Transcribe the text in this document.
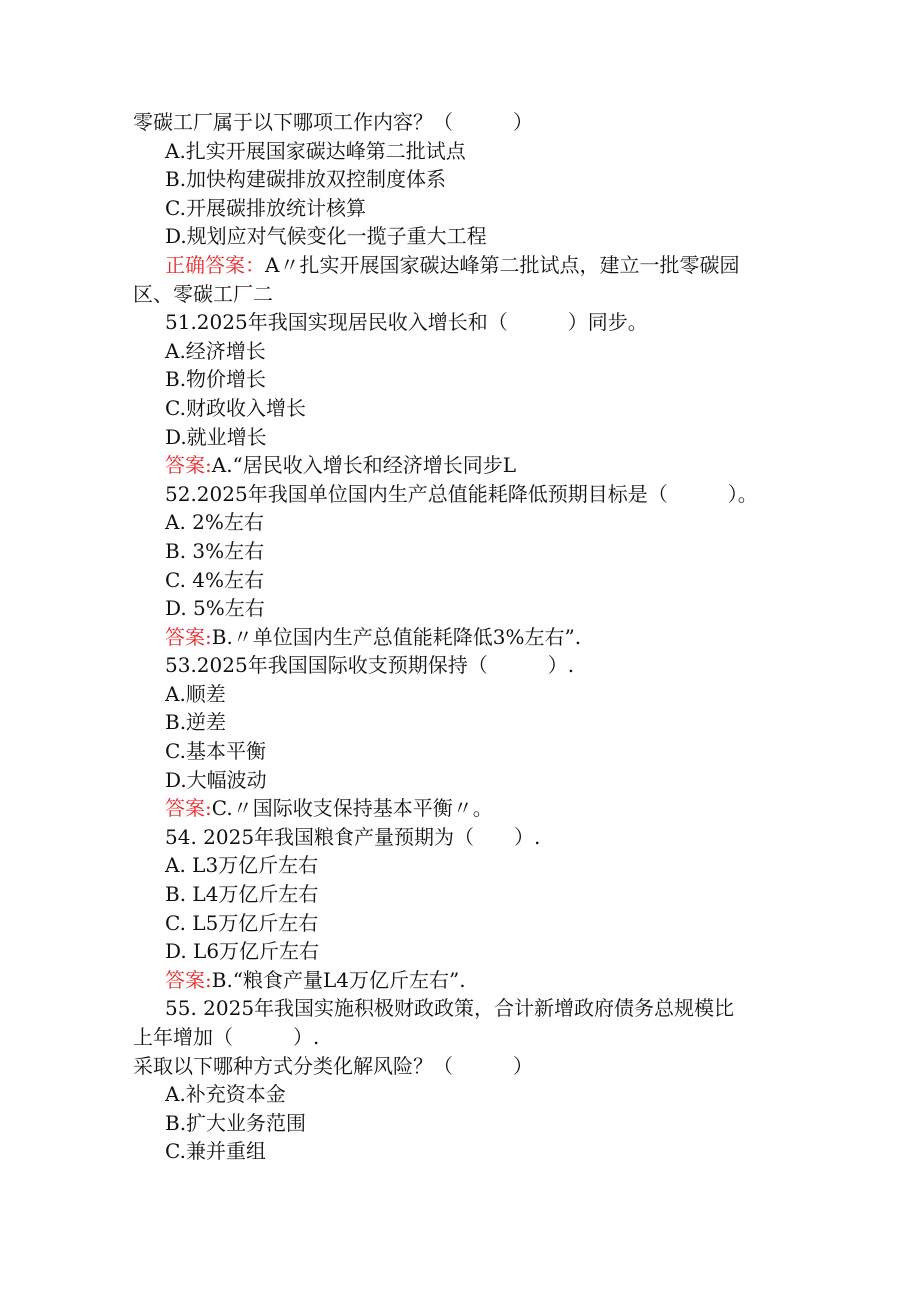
零碳工厂属于以下哪项工作内容？（　　　）
A.扎实开展国家碳达峰第二批试点
B.加快构建碳排放双控制度体系
C.开展碳排放统计核算
D.规划应对气候变化一揽子重大工程
正确答案：A〃扎实开展国家碳达峰第二批试点，建立一批零碳园
区、零碳工厂二
51.2025年我国实现居民收入增长和（　　　）同步。
A.经济增长
B.物价增长
C.财政收入增长
D.就业增长
答案:A.“居民收入增长和经济增长同步L
52.2025年我国单位国内生产总值能耗降低预期目标是（　　　）。
A. 2%左右
B. 3%左右
C. 4%左右
D. 5%左右
答案:B.〃单位国内生产总值能耗降低3%左右”.
53.2025年我国国际收支预期保持（　　　）.
A.顺差
B.逆差
C.基本平衡
D.大幅波动
答案:C.〃国际收支保持基本平衡〃。
54. 2025年我国粮食产量预期为（　　）.
A. L3万亿斤左右
B. L4万亿斤左右
C. L5万亿斤左右
D. L6万亿斤左右
答案:B.“粮食产量L4万亿斤左右”.
55. 2025年我国实施积极财政政策，合计新增政府债务总规模比
上年增加（　　　）.
采取以下哪种方式分类化解风险？（　　　）
A.补充资本金
B.扩大业务范围
C.兼并重组
